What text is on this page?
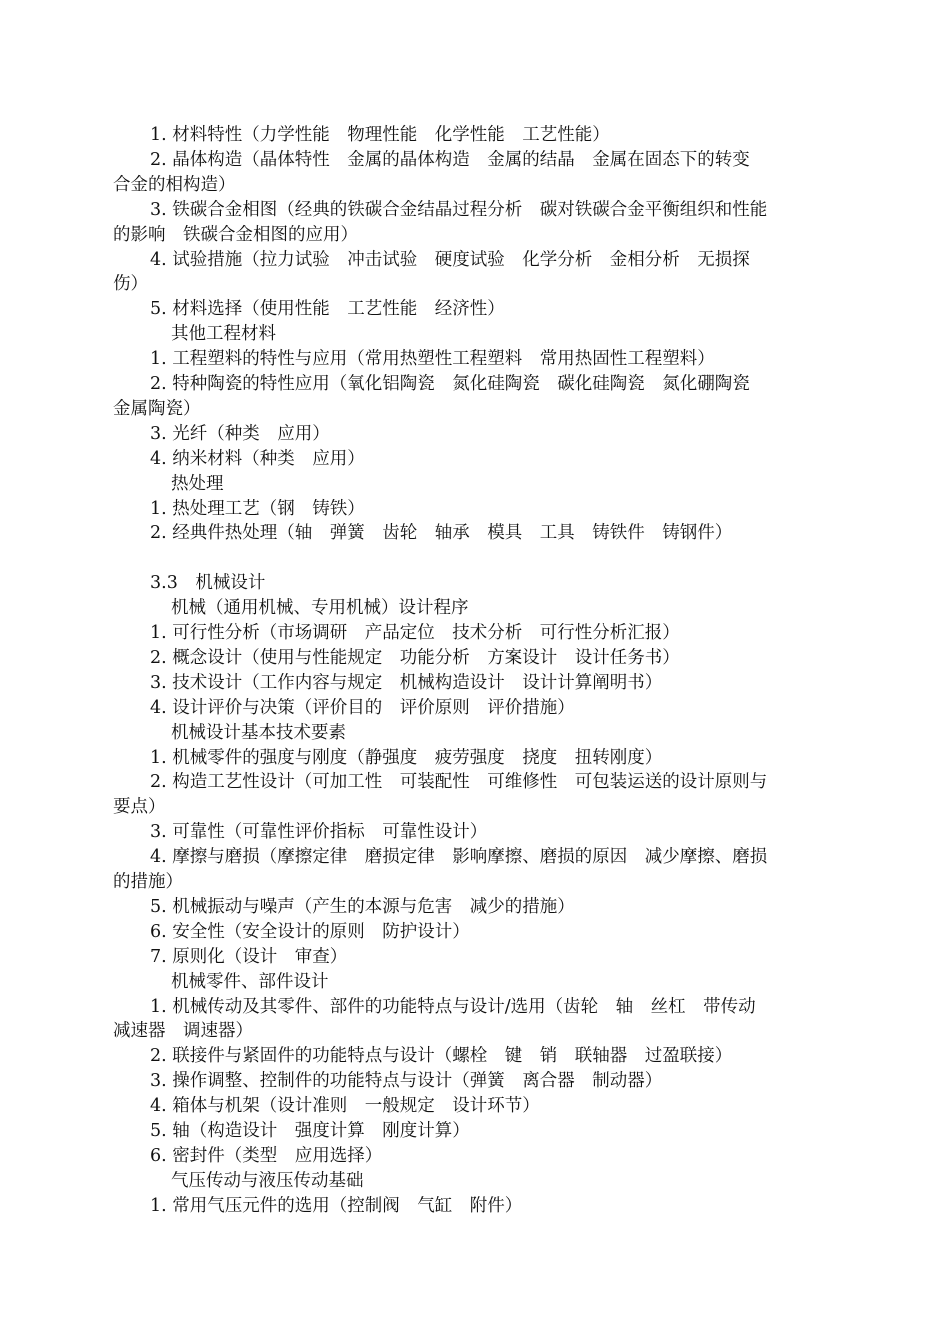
1. 材料特性（力学性能　物理性能　化学性能　工艺性能）

2. 晶体构造（晶体特性　金属的晶体构造　金属的结晶　金属在固态下的转变

合金的相构造）

3. 铁碳合金相图（经典的铁碳合金结晶过程分析　碳对铁碳合金平衡组织和性能

的影响　铁碳合金相图的应用）

4. 试验措施（拉力试验　冲击试验　硬度试验　化学分析　金相分析　无损探

伤）

5. 材料选择（使用性能　工艺性能　经济性）

其他工程材料

1. 工程塑料的特性与应用（常用热塑性工程塑料　常用热固性工程塑料）

2. 特种陶瓷的特性应用（氧化铝陶瓷　氮化硅陶瓷　碳化硅陶瓷　氮化硼陶瓷

金属陶瓷）

3. 光纤（种类　应用）

4. 纳米材料（种类　应用）

热处理

1. 热处理工艺（钢　铸铁）

2. 经典件热处理（轴　弹簧　齿轮　轴承　模具　工具　铸铁件　铸钢件）

3.3　机械设计

机械（通用机械、专用机械）设计程序

1. 可行性分析（市场调研　产品定位　技术分析　可行性分析汇报）

2. 概念设计（使用与性能规定　功能分析　方案设计　设计任务书）

3. 技术设计（工作内容与规定　机械构造设计　设计计算阐明书）

4. 设计评价与决策（评价目的　评价原则　评价措施）

机械设计基本技术要素

1. 机械零件的强度与刚度（静强度　疲劳强度　挠度　扭转刚度）

2. 构造工艺性设计（可加工性　可装配性　可维修性　可包装运送的设计原则与

要点）

3. 可靠性（可靠性评价指标　可靠性设计）

4. 摩擦与磨损（摩擦定律　磨损定律　影响摩擦、磨损的原因　减少摩擦、磨损

的措施）

5. 机械振动与噪声（产生的本源与危害　减少的措施）

6. 安全性（安全设计的原则　防护设计）

7. 原则化（设计　审查）

机械零件、部件设计

1. 机械传动及其零件、部件的功能特点与设计/选用（齿轮　轴　丝杠　带传动

减速器　调速器）

2. 联接件与紧固件的功能特点与设计（螺栓　键　销　联轴器　过盈联接）

3. 操作调整、控制件的功能特点与设计（弹簧　离合器　制动器）

4. 箱体与机架（设计准则　一般规定　设计环节）

5. 轴（构造设计　强度计算　刚度计算）

6. 密封件（类型　应用选择）

气压传动与液压传动基础

1. 常用气压元件的选用（控制阀　气缸　附件）
